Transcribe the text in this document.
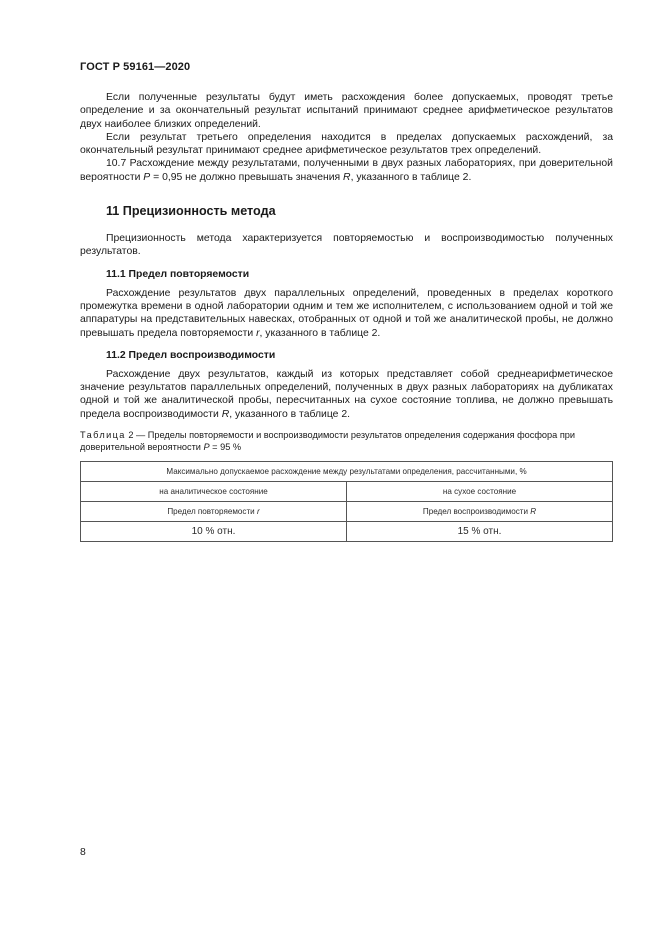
ГОСТ Р 59161—2020

Если полученные результаты будут иметь расхождения более допускаемых, проводят третье определение и за окончательный результат испытаний принимают среднее арифметическое результатов двух наиболее близких определений.

Если результат третьего определения находится в пределах допускаемых расхождений, за окончательный результат принимают среднее арифметическое результатов трех определений.

10.7 Расхождение между результатами, полученными в двух разных лабораториях, при доверительной вероятности P = 0,95 не должно превышать значения R, указанного в таблице 2.

11 Прецизионность метода

Прецизионность метода характеризуется повторяемостью и воспроизводимостью полученных результатов.

11.1 Предел повторяемости

Расхождение результатов двух параллельных определений, проведенных в пределах короткого промежутка времени в одной лаборатории одним и тем же исполнителем, с использованием одной и той же аппаратуры на представительных навесках, отобранных от одной и той же аналитической пробы, не должно превышать предела повторяемости r, указанного в таблице 2.

11.2 Предел воспроизводимости

Расхождение двух результатов, каждый из которых представляет собой среднеарифметическое значение результатов параллельных определений, полученных в двух разных лабораториях на дубликатах одной и той же аналитической пробы, пересчитанных на сухое состояние топлива, не должно превышать предела воспроизводимости R, указанного в таблице 2.

Таблица 2 — Пределы повторяемости и воспроизводимости результатов определения содержания фосфора при доверительной вероятности P = 95 %
Максимально допускаемое расхождение между результатами определения, рассчитанными, %	
на аналитическое состояние	на сухое состояние
Предел повторяемости r	Предел воспроизводимости R
10 % отн.	15 % отн.
8
